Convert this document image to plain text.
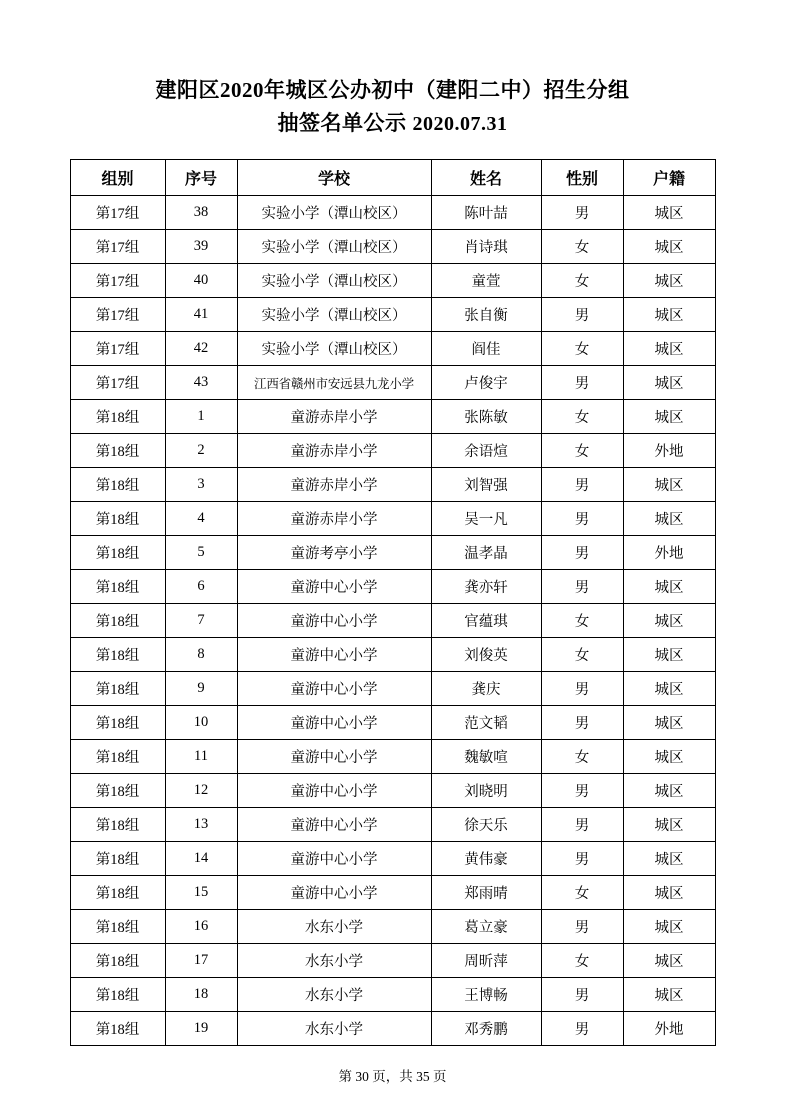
建阳区2020年城区公办初中（建阳二中）招生分组
抽签名单公示 2020.07.31
组别	序号	学校	姓名	性别	户籍
第17组	38	实验小学（潭山校区）	陈叶喆	男	城区
第17组	39	实验小学（潭山校区）	肖诗琪	女	城区
第17组	40	实验小学（潭山校区）	童萱	女	城区
第17组	41	实验小学（潭山校区）	张自衡	男	城区
第17组	42	实验小学（潭山校区）	阎佳	女	城区
第17组	43	江西省赣州市安远县九龙小学	卢俊宇	男	城区
第18组	1	童游赤岸小学	张陈敏	女	城区
第18组	2	童游赤岸小学	余语煊	女	外地
第18组	3	童游赤岸小学	刘智强	男	城区
第18组	4	童游赤岸小学	吴一凡	男	城区
第18组	5	童游考亭小学	温孝晶	男	外地
第18组	6	童游中心小学	龚亦轩	男	城区
第18组	7	童游中心小学	官蕴琪	女	城区
第18组	8	童游中心小学	刘俊英	女	城区
第18组	9	童游中心小学	龚庆	男	城区
第18组	10	童游中心小学	范文韬	男	城区
第18组	11	童游中心小学	魏敏喧	女	城区
第18组	12	童游中心小学	刘晓明	男	城区
第18组	13	童游中心小学	徐天乐	男	城区
第18组	14	童游中心小学	黄伟豪	男	城区
第18组	15	童游中心小学	郑雨晴	女	城区
第18组	16	水东小学	葛立豪	男	城区
第18组	17	水东小学	周昕萍	女	城区
第18组	18	水东小学	王博畅	男	城区
第18组	19	水东小学	邓秀鹏	男	外地
第 30 页，共 35 页
